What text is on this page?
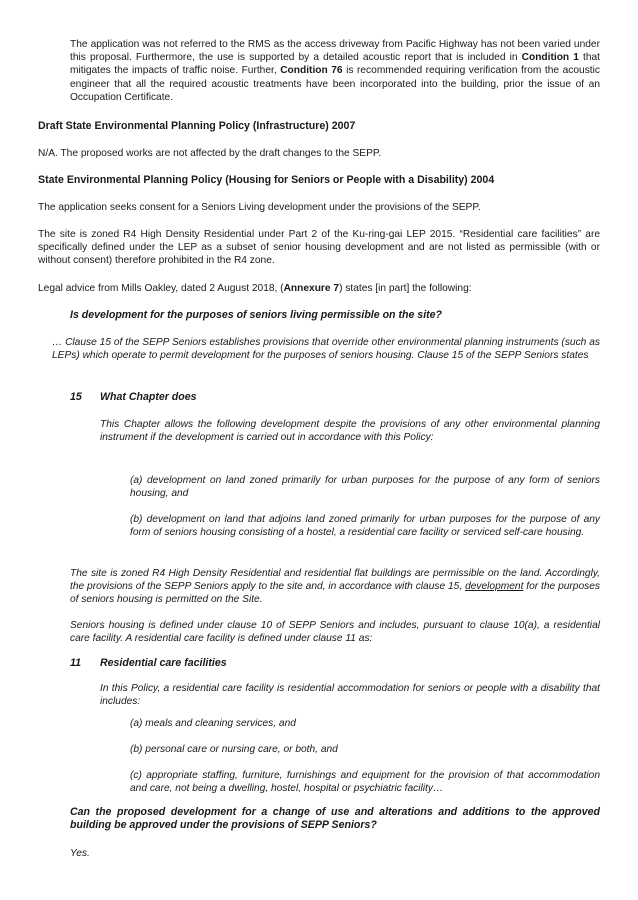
The application was not referred to the RMS as the access driveway from Pacific Highway has not been varied under this proposal. Furthermore, the use is supported by a detailed acoustic report that is included in Condition 1 that mitigates the impacts of traffic noise. Further, Condition 76 is recommended requiring verification from the acoustic engineer that all the required acoustic treatments have been incorporated into the building, prior the issue of an Occupation Certificate.

Draft State Environmental Planning Policy (Infrastructure) 2007

N/A. The proposed works are not affected by the draft changes to the SEPP.

State Environmental Planning Policy (Housing for Seniors or People with a Disability) 2004

The application seeks consent for a Seniors Living development under the provisions of the SEPP.

The site is zoned R4 High Density Residential under Part 2 of the Ku-ring-gai LEP 2015. “Residential care facilities” are specifically defined under the LEP as a subset of senior housing development and are not listed as permissible (with or without consent) therefore prohibited in the R4 zone.

Legal advice from Mills Oakley, dated 2 August 2018, (Annexure 7) states [in part] the following:

Is development for the purposes of seniors living permissible on the site?

… Clause 15 of the SEPP Seniors establishes provisions that override other environmental planning instruments (such as LEPs) which operate to permit development for the purposes of seniors housing. Clause 15 of the SEPP Seniors states

15 What Chapter does

This Chapter allows the following development despite the provisions of any other environmental planning instrument if the development is carried out in accordance with this Policy:

(a) development on land zoned primarily for urban purposes for the purpose of any form of seniors housing, and

(b) development on land that adjoins land zoned primarily for urban purposes for the purpose of any form of seniors housing consisting of a hostel, a residential care facility or serviced self-care housing.

The site is zoned R4 High Density Residential and residential flat buildings are permissible on the land. Accordingly, the provisions of the SEPP Seniors apply to the site and, in accordance with clause 15, development for the purposes of seniors housing is permitted on the Site.

Seniors housing is defined under clause 10 of SEPP Seniors and includes, pursuant to clause 10(a), a residential care facility. A residential care facility is defined under clause 11 as:

11 Residential care facilities

In this Policy, a residential care facility is residential accommodation for seniors or people with a disability that includes:

(a) meals and cleaning services, and

(b) personal care or nursing care, or both, and

(c) appropriate staffing, furniture, furnishings and equipment for the provision of that accommodation and care, not being a dwelling, hostel, hospital or psychiatric facility…

Can the proposed development for a change of use and alterations and additions to the approved building be approved under the provisions of SEPP Seniors?

Yes.
